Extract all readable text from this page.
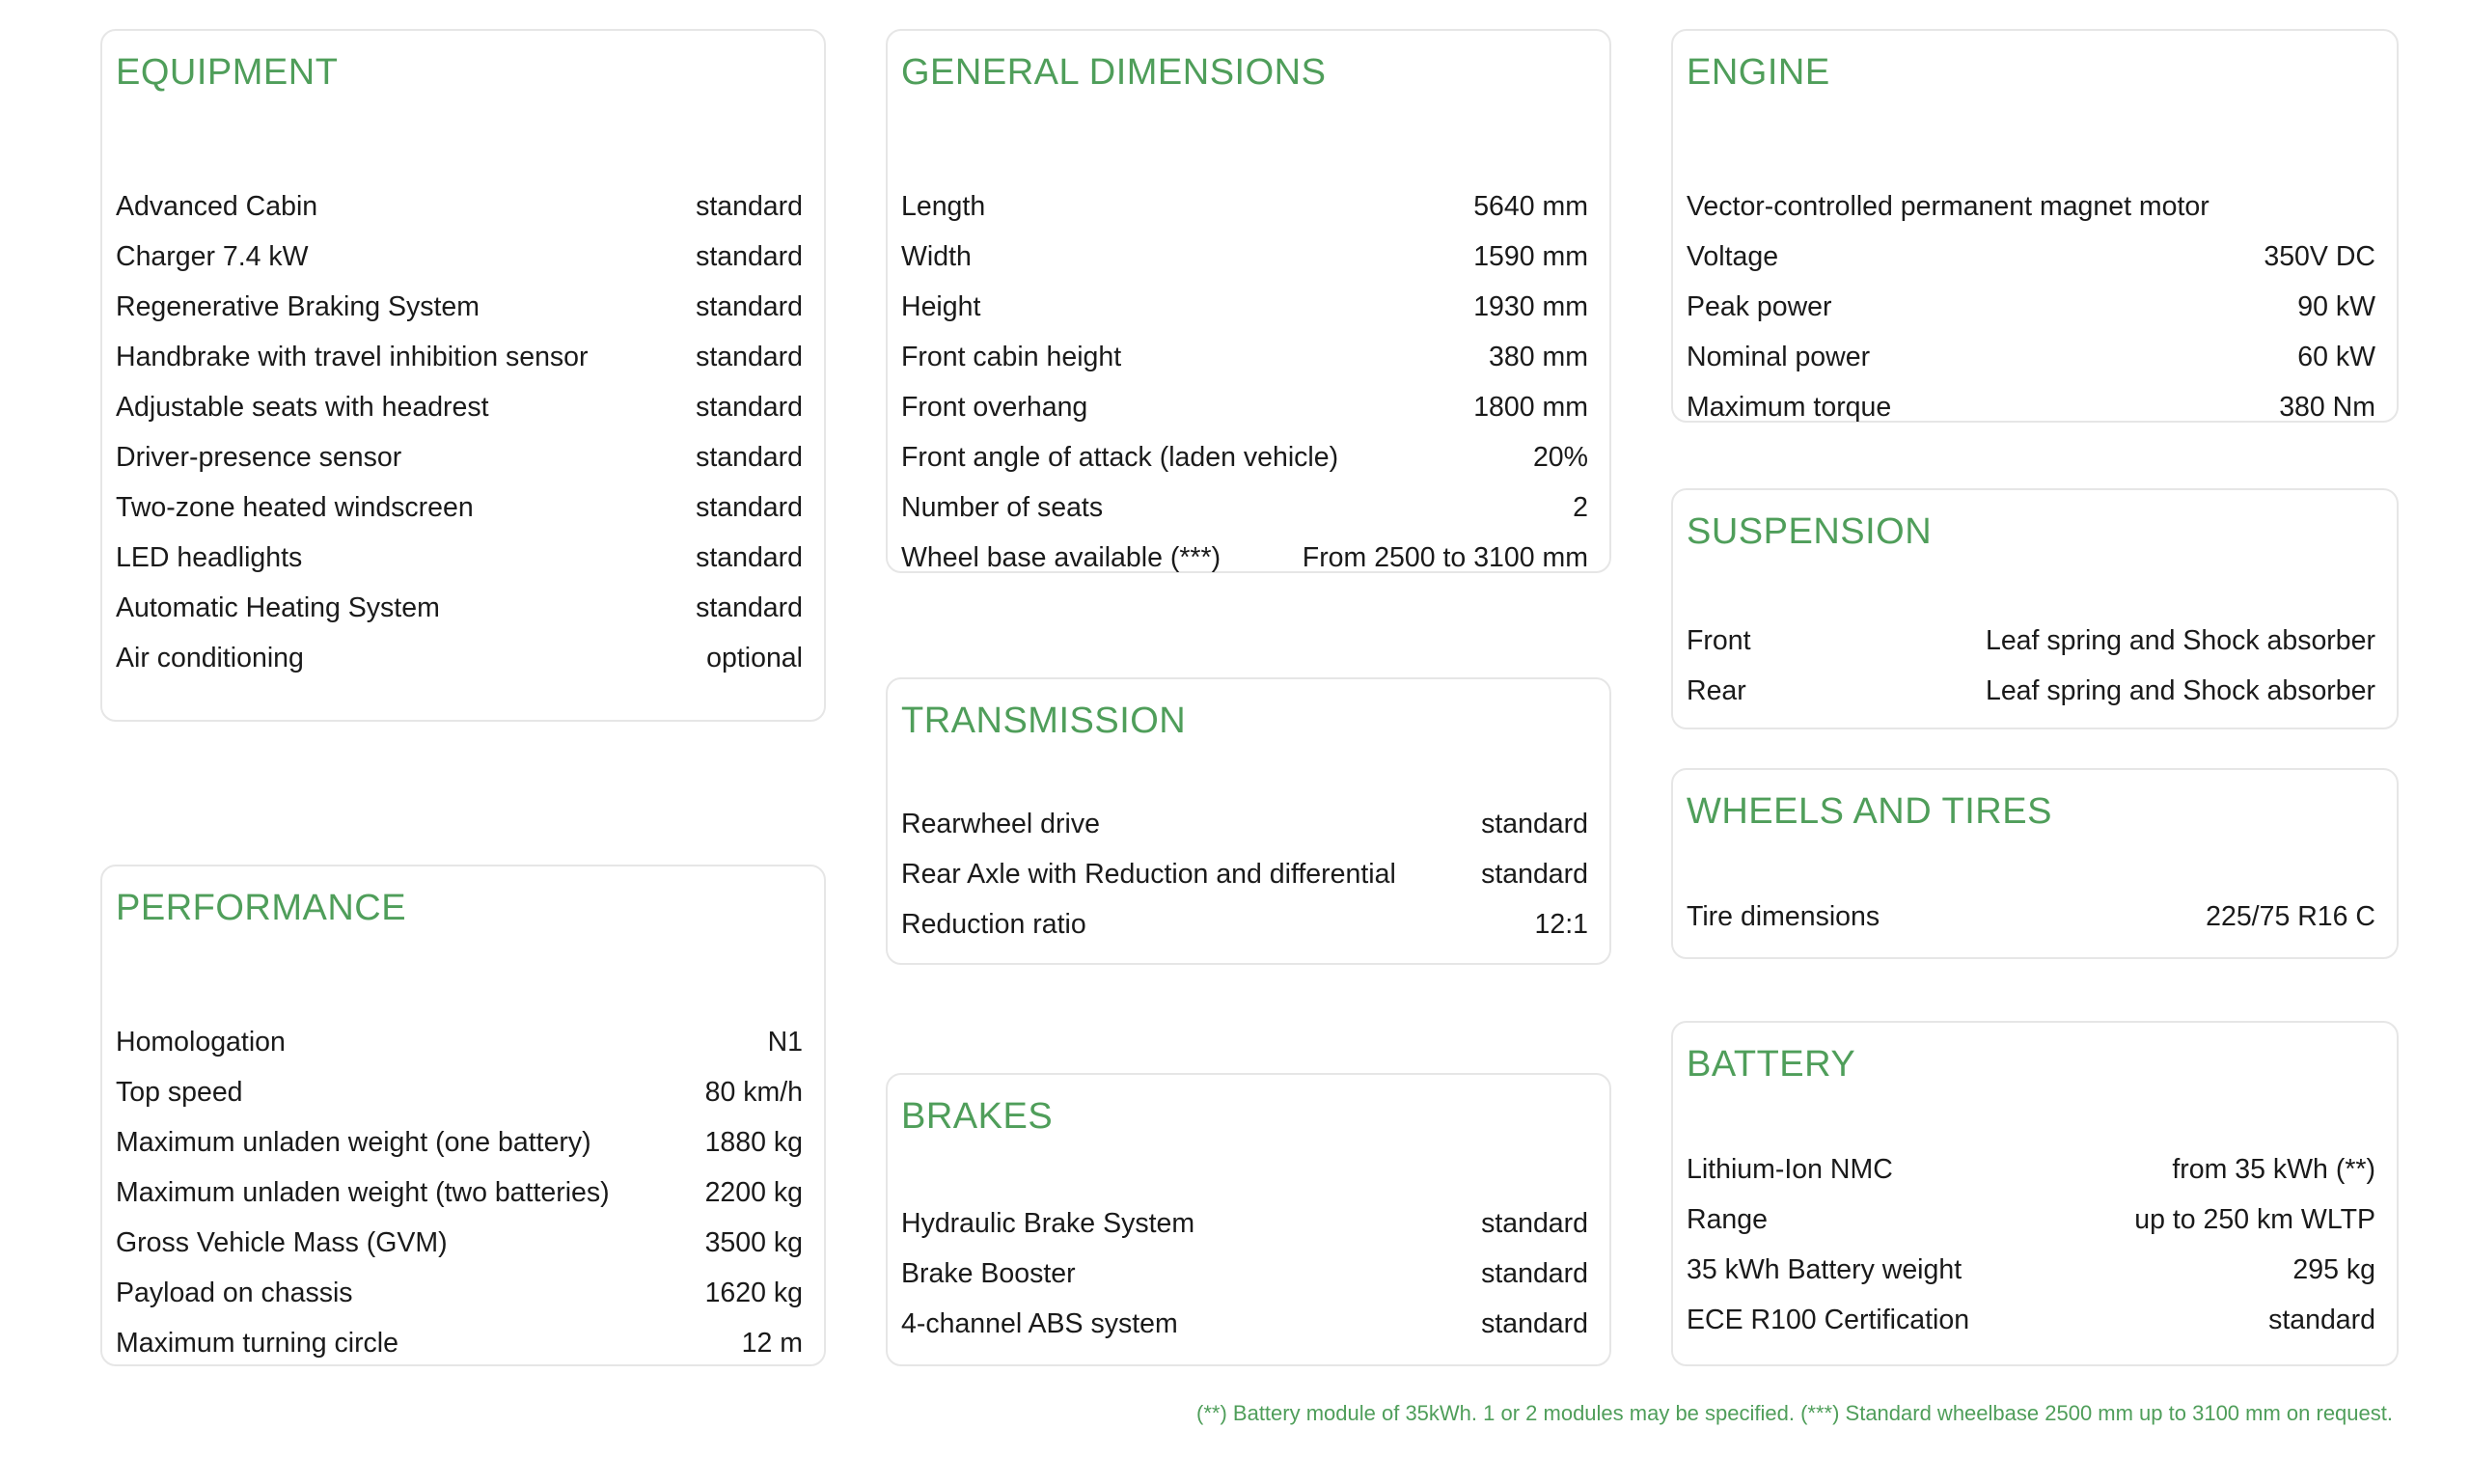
EQUIPMENT
Advanced Cabin	standard
Charger 7.4 kW	standard
Regenerative Braking System	standard
Handbrake with travel inhibition sensor	standard
Adjustable seats with headrest	standard
Driver-presence sensor	standard
Two-zone heated windscreen	standard
LED headlights	standard
Automatic Heating System	standard
Air conditioning	optional
PERFORMANCE
Homologation	N1
Top speed	80 km/h
Maximum unladen weight (one battery)	1880 kg
Maximum unladen weight (two batteries)	2200 kg
Gross Vehicle Mass (GVM)	3500 kg
Payload on chassis	1620 kg
Maximum turning circle	12 m
GENERAL DIMENSIONS
Length	5640 mm
Width	1590 mm
Height	1930 mm
Front cabin height	380 mm
Front overhang	1800 mm
Front angle of attack (laden vehicle)	20%
Number of seats	2
Wheel base available (***)	From 2500 to 3100 mm
TRANSMISSION
Rearwheel drive	standard
Rear Axle with Reduction and differential	standard
Reduction ratio	12:1
BRAKES
Hydraulic Brake System	standard
Brake Booster	standard
4-channel ABS system	standard
ENGINE
Vector-controlled permanent magnet motor
Voltage	350V DC
Peak power	90 kW
Nominal power	60 kW
Maximum torque	380 Nm
SUSPENSION
Front	Leaf spring and Shock absorber
Rear	Leaf spring and Shock absorber
WHEELS AND TIRES
Tire dimensions	225/75 R16 C
BATTERY
Lithium-Ion NMC	from 35 kWh (**)
Range	up to 250 km WLTP
35 kWh Battery weight	295 kg
ECE R100 Certification	standard
(**) Battery module of 35kWh. 1 or 2 modules may be specified. (***) Standard wheelbase 2500 mm up to 3100 mm on request.
